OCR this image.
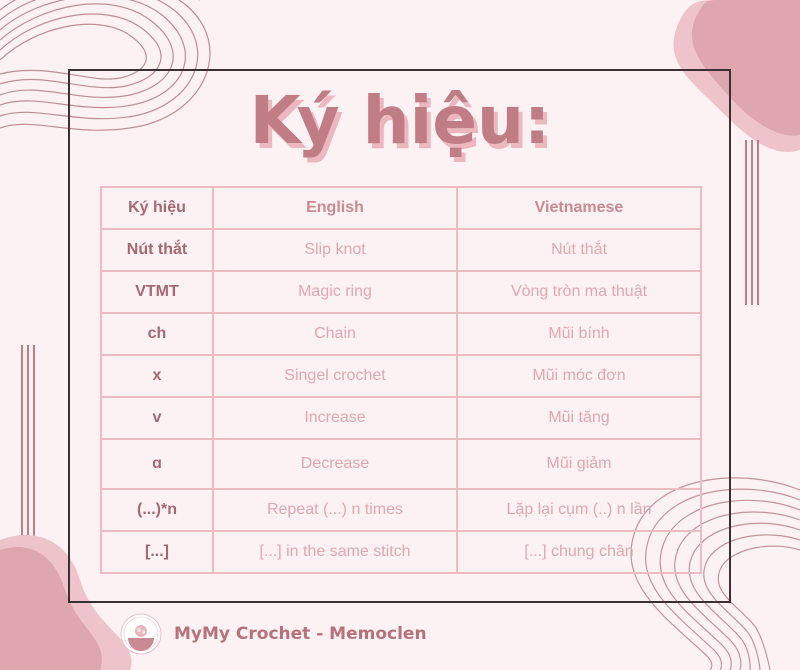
Ký hiệu:
Ký hiệu	English	Vietnamese
Nút thắt	Slip knot	Nút thắt
VTMT	Magic ring	Vòng tròn ma thuật
ch	Chain	Mũi bính
x	Singel crochet	Mũi móc đơn
v	Increase	Mũi tăng
ɑ	Decrease	Mũi giảm
(...)*n	Repeat (...) n times	Lặp lại cụm (..) n lần
[...]	[...] in the same stitch	[...] chung chân
MyMy Crochet - Memoclen
